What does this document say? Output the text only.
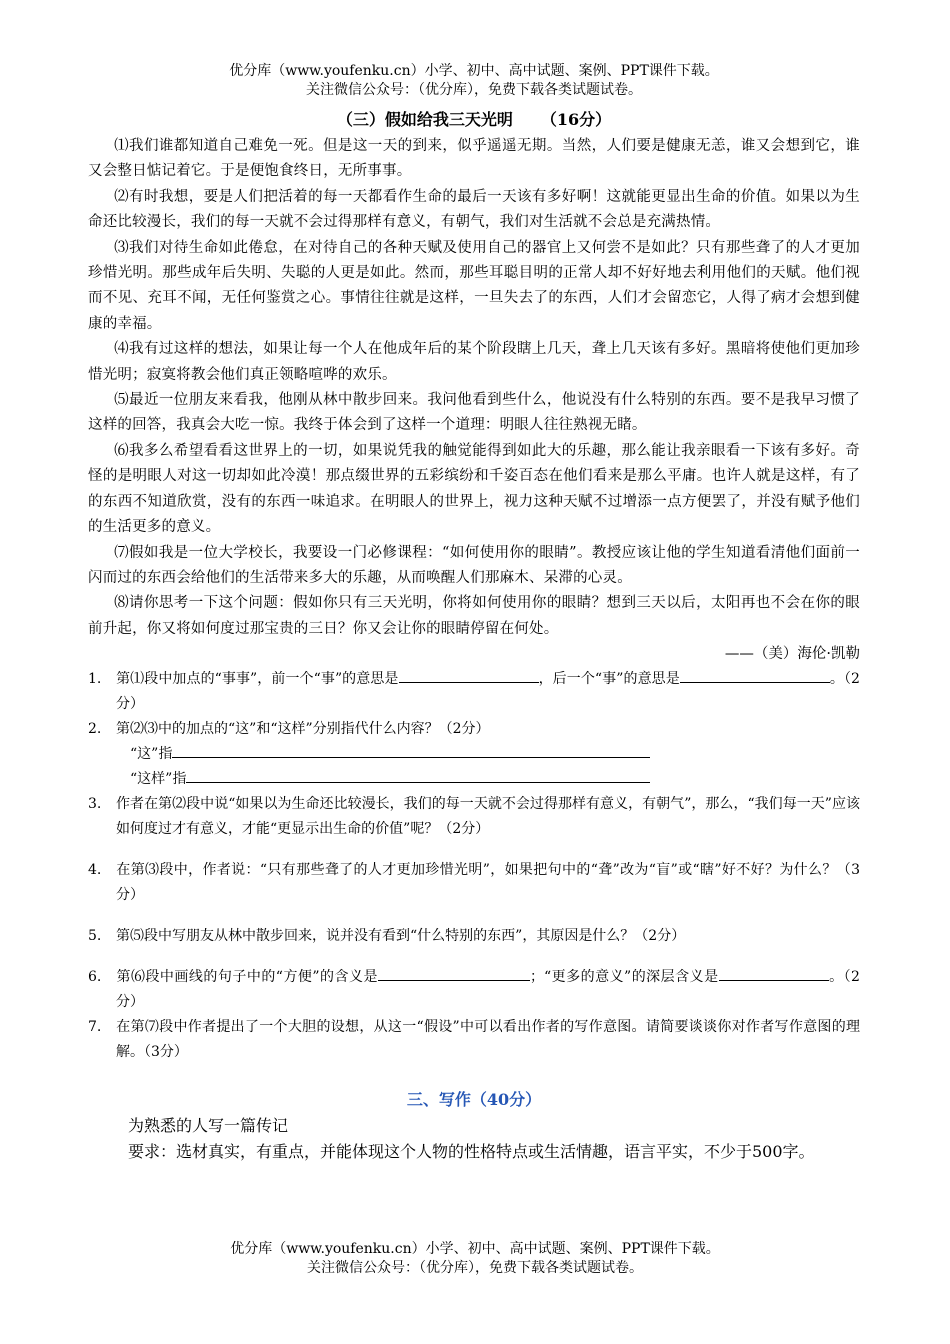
优分库（www.youfenku.cn）小学、初中、高中试题、案例、PPT课件下载。
关注微信公众号：（优分库），免费下载各类试题试卷。
（三）假如给我三天光明 （16分）

⑴我们谁都知道自己难免一死。但是这一天的到来，似乎遥遥无期。当然，人们要是健康无恙，谁又会想到它，谁又会整日惦记着它。于是便饱食终日，无所事事。

⑵有时我想，要是人们把活着的每一天都看作生命的最后一天该有多好啊！这就能更显出生命的价值。如果以为生命还比较漫长，我们的每一天就不会过得那样有意义，有朝气，我们对生活就不会总是充满热情。

⑶我们对待生命如此倦怠，在对待自己的各种天赋及使用自己的器官上又何尝不是如此？只有那些聋了的人才更加珍惜光明。那些成年后失明、失聪的人更是如此。然而，那些耳聪目明的正常人却不好好地去利用他们的天赋。他们视而不见、充耳不闻，无任何鉴赏之心。事情往往就是这样，一旦失去了的东西，人们才会留恋它，人得了病才会想到健康的幸福。

⑷我有过这样的想法，如果让每一个人在他成年后的某个阶段瞎上几天，聋上几天该有多好。黑暗将使他们更加珍惜光明；寂寞将教会他们真正领略喧哗的欢乐。

⑸最近一位朋友来看我，他刚从林中散步回来。我问他看到些什么，他说没有什么特别的东西。要不是我早习惯了这样的回答，我真会大吃一惊。我终于体会到了这样一个道理：明眼人往往熟视无睹。

⑹我多么希望看看这世界上的一切，如果说凭我的触觉能得到如此大的乐趣，那么能让我亲眼看一下该有多好。奇怪的是明眼人对这一切却如此冷漠！那点缀世界的五彩缤纷和千姿百态在他们看来是那么平庸。也许人就是这样，有了的东西不知道欣赏，没有的东西一味追求。在明眼人的世界上，视力这种天赋不过增添一点方便罢了，并没有赋予他们的生活更多的意义。

⑺假如我是一位大学校长，我要设一门必修课程：“如何使用你的眼睛”。教授应该让他的学生知道看清他们面前一闪而过的东西会给他们的生活带来多大的乐趣，从而唤醒人们那麻木、呆滞的心灵。

⑻请你思考一下这个问题：假如你只有三天光明，你将如何使用你的眼睛？想到三天以后，太阳再也不会在你的眼前升起，你又将如何度过那宝贵的三日？你又会让你的眼睛停留在何处。

——（美）海伦·凯勒

1. 第⑴段中加点的“事事”，前一个“事”的意思是	，后一个“事”的意思是	。（2分）

2. 第⑵⑶中的加点的“这”和“这样”分别指代什么内容？（2分）

“这”指

“这样”指

3. 作者在第⑵段中说“如果以为生命还比较漫长，我们的每一天就不会过得那样有意义，有朝气”，那么，“我们每一天”应该如何度过才有意义，才能“更显示出生命的价值”呢？（2分）

4. 在第⑶段中，作者说：“只有那些聋了的人才更加珍惜光明”，如果把句中的“聋”改为“盲”或“瞎”好不好？为什么？（3分）

5. 第⑸段中写朋友从林中散步回来，说并没有看到“什么特别的东西”，其原因是什么？（2分）

6. 第⑹段中画线的句子中的“方便”的含义是	；“更多的意义”的深层含义是	。（2分）

7. 在第⑺段中作者提出了一个大胆的设想，从这一“假设”中可以看出作者的写作意图。请简要谈谈你对作者写作意图的理解。（3分）

三、写作（40分）

为熟悉的人写一篇传记

要求：选材真实，有重点，并能体现这个人物的性格特点或生活情趣，语言平实，不少于500字。

优分库（www.youfenku.cn）小学、初中、高中试题、案例、PPT课件下载。
关注微信公众号：（优分库），免费下载各类试题试卷。
